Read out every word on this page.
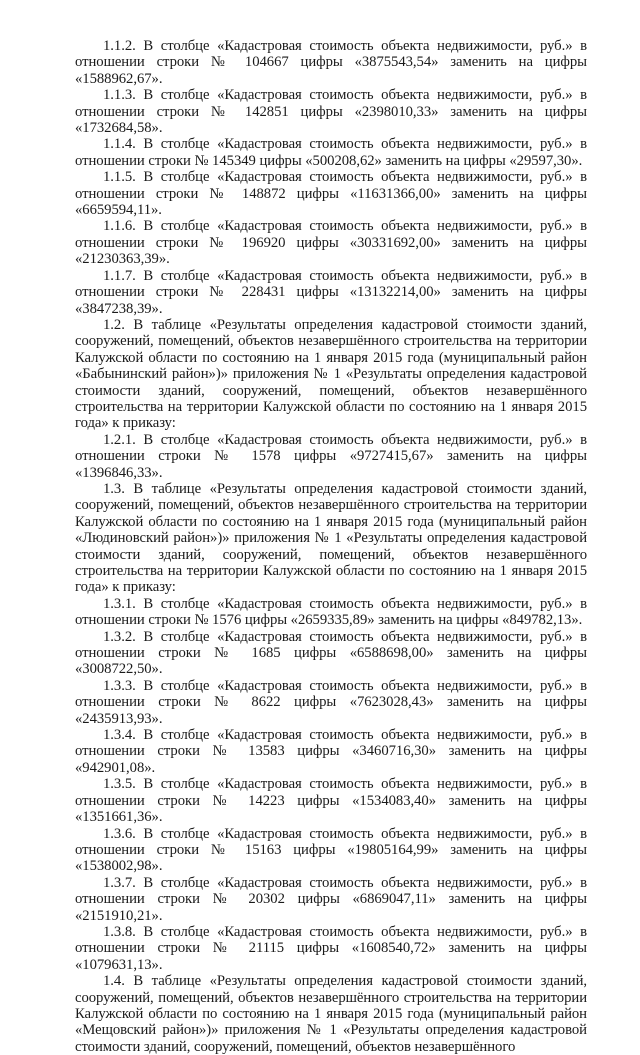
1.1.2. В столбце «Кадастровая стоимость объекта недвижимости, руб.» в отношении строки № 104667 цифры «3875543,54» заменить на цифры «1588962,67».

1.1.3. В столбце «Кадастровая стоимость объекта недвижимости, руб.» в отношении строки № 142851 цифры «2398010,33» заменить на цифры «1732684,58».

1.1.4. В столбце «Кадастровая стоимость объекта недвижимости, руб.» в отношении строки № 145349 цифры «500208,62» заменить на цифры «29597,30».

1.1.5. В столбце «Кадастровая стоимость объекта недвижимости, руб.» в отношении строки № 148872 цифры «11631366,00» заменить на цифры «6659594,11».

1.1.6. В столбце «Кадастровая стоимость объекта недвижимости, руб.» в отношении строки № 196920 цифры «30331692,00» заменить на цифры «21230363,39».

1.1.7. В столбце «Кадастровая стоимость объекта недвижимости, руб.» в отношении строки № 228431 цифры «13132214,00» заменить на цифры «3847238,39».

1.2. В таблице «Результаты определения кадастровой стоимости зданий, сооружений, помещений, объектов незавершённого строительства на территории Калужской области по состоянию на 1 января 2015 года (муниципальный район «Бабынинский район»)» приложения № 1 «Результаты определения кадастровой стоимости зданий, сооружений, помещений, объектов незавершённого строительства на территории Калужской области по состоянию на 1 января 2015 года» к приказу:

1.2.1. В столбце «Кадастровая стоимость объекта недвижимости, руб.» в отношении строки № 1578 цифры «9727415,67» заменить на цифры «1396846,33».

1.3. В таблице «Результаты определения кадастровой стоимости зданий, сооружений, помещений, объектов незавершённого строительства на территории Калужской области по состоянию на 1 января 2015 года (муниципальный район «Людиновский район»)» приложения № 1 «Результаты определения кадастровой стоимости зданий, сооружений, помещений, объектов незавершённого строительства на территории Калужской области по состоянию на 1 января 2015 года» к приказу:

1.3.1. В столбце «Кадастровая стоимость объекта недвижимости, руб.» в отношении строки № 1576 цифры «2659335,89» заменить на цифры «849782,13».

1.3.2. В столбце «Кадастровая стоимость объекта недвижимости, руб.» в отношении строки № 1685 цифры «6588698,00» заменить на цифры «3008722,50».

1.3.3. В столбце «Кадастровая стоимость объекта недвижимости, руб.» в отношении строки № 8622 цифры «7623028,43» заменить на цифры «2435913,93».

1.3.4. В столбце «Кадастровая стоимость объекта недвижимости, руб.» в отношении строки № 13583 цифры «3460716,30» заменить на цифры «942901,08».

1.3.5. В столбце «Кадастровая стоимость объекта недвижимости, руб.» в отношении строки № 14223 цифры «1534083,40» заменить на цифры «1351661,36».

1.3.6. В столбце «Кадастровая стоимость объекта недвижимости, руб.» в отношении строки № 15163 цифры «19805164,99» заменить на цифры «1538002,98».

1.3.7. В столбце «Кадастровая стоимость объекта недвижимости, руб.» в отношении строки № 20302 цифры «6869047,11» заменить на цифры «2151910,21».

1.3.8. В столбце «Кадастровая стоимость объекта недвижимости, руб.» в отношении строки № 21115 цифры «1608540,72» заменить на цифры «1079631,13».

1.4. В таблице «Результаты определения кадастровой стоимости зданий, сооружений, помещений, объектов незавершённого строительства на территории Калужской области по состоянию на 1 января 2015 года (муниципальный район «Мещовский район»)» приложения № 1 «Результаты определения кадастровой стоимости зданий, сооружений, помещений, объектов незавершённого
